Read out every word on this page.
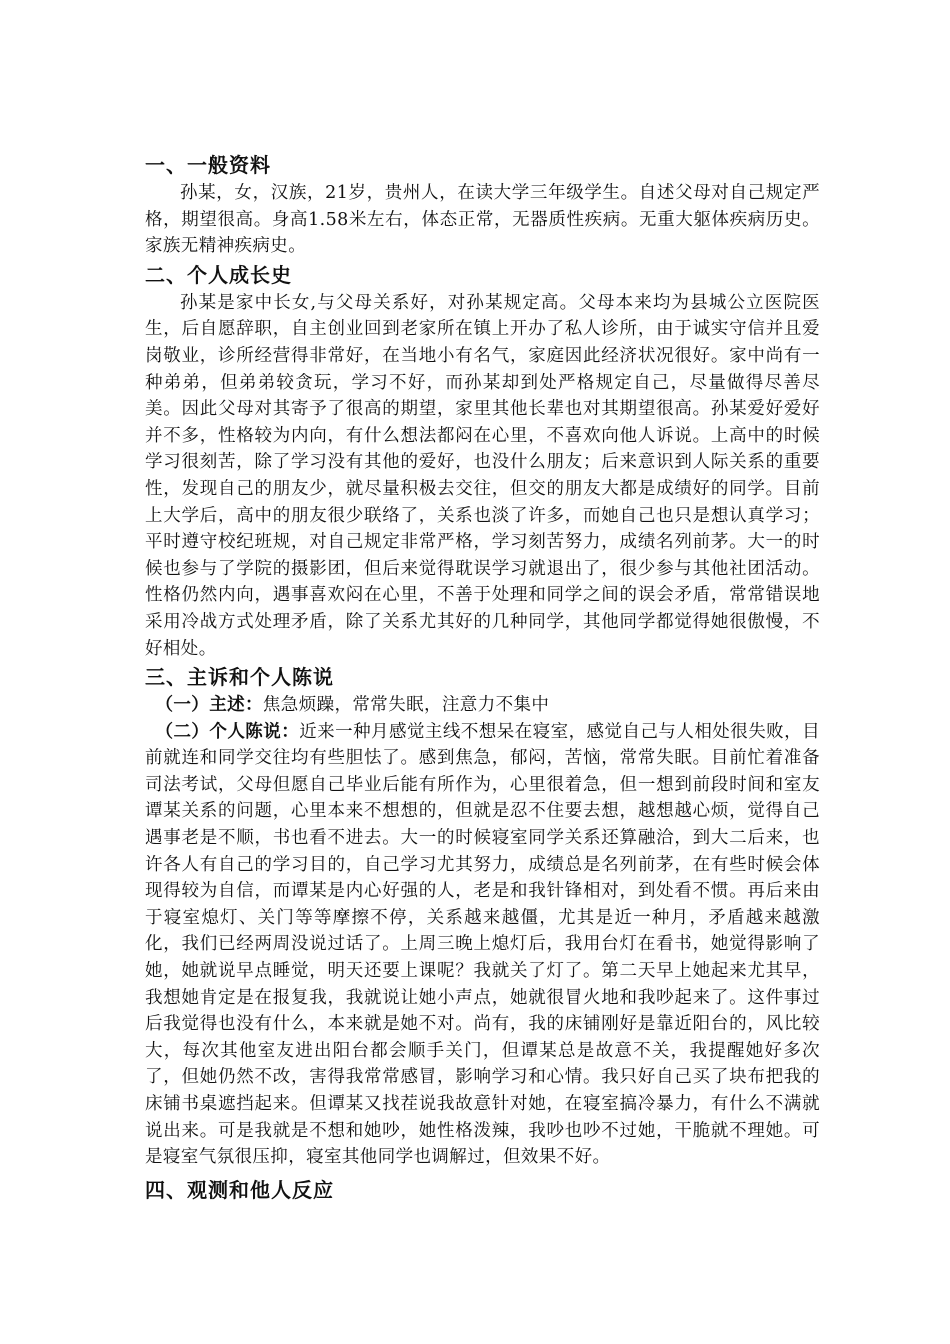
一、一般资料

孙某，女，汉族，21岁，贵州人，在读大学三年级学生。自述父母对自己规定严格，期望很高。身高1.58米左右，体态正常，无器质性疾病。无重大躯体疾病历史。家族无精神疾病史。

二、个人成长史

孙某是家中长女,与父母关系好，对孙某规定高。父母本来均为县城公立医院医生，后自愿辞职，自主创业回到老家所在镇上开办了私人诊所，由于诚实守信并且爱岗敬业，诊所经营得非常好，在当地小有名气，家庭因此经济状况很好。家中尚有一种弟弟，但弟弟较贪玩，学习不好，而孙某却到处严格规定自己，尽量做得尽善尽美。因此父母对其寄予了很高的期望，家里其他长辈也对其期望很高。孙某爱好爱好并不多，性格较为内向，有什么想法都闷在心里，不喜欢向他人诉说。上高中的时候学习很刻苦，除了学习没有其他的爱好，也没什么朋友；后来意识到人际关系的重要性，发现自己的朋友少，就尽量积极去交往，但交的朋友大都是成绩好的同学。目前上大学后，高中的朋友很少联络了，关系也淡了许多，而她自己也只是想认真学习；平时遵守校纪班规，对自己规定非常严格，学习刻苦努力，成绩名列前茅。大一的时候也参与了学院的摄影团，但后来觉得耽误学习就退出了，很少参与其他社团活动。性格仍然内向，遇事喜欢闷在心里，不善于处理和同学之间的误会矛盾，常常错误地采用冷战方式处理矛盾，除了关系尤其好的几种同学，其他同学都觉得她很傲慢，不好相处。

三、主诉和个人陈说

（一）主述：焦急烦躁，常常失眠，注意力不集中

（二）个人陈说：近来一种月感觉主线不想呆在寝室，感觉自己与人相处很失败，目前就连和同学交往均有些胆怯了。感到焦急，郁闷，苦恼，常常失眠。目前忙着准备司法考试，父母但愿自己毕业后能有所作为，心里很着急，但一想到前段时间和室友谭某关系的问题，心里本来不想想的，但就是忍不住要去想，越想越心烦，觉得自己遇事老是不顺，书也看不进去。大一的时候寝室同学关系还算融洽，到大二后来，也许各人有自己的学习目的，自己学习尤其努力，成绩总是名列前茅，在有些时候会体现得较为自信，而谭某是内心好强的人，老是和我针锋相对，到处看不惯。再后来由于寝室熄灯、关门等等摩擦不停，关系越来越僵，尤其是近一种月，矛盾越来越激化，我们已经两周没说过话了。上周三晚上熄灯后，我用台灯在看书，她觉得影响了她，她就说早点睡觉，明天还要上课呢？我就关了灯了。第二天早上她起来尤其早，我想她肯定是在报复我，我就说让她小声点，她就很冒火地和我吵起来了。这件事过后我觉得也没有什么，本来就是她不对。尚有，我的床铺刚好是靠近阳台的，风比较大，每次其他室友进出阳台都会顺手关门，但谭某总是故意不关，我提醒她好多次了，但她仍然不改，害得我常常感冒，影响学习和心情。我只好自己买了块布把我的床铺书桌遮挡起来。但谭某又找茬说我故意针对她，在寝室搞冷暴力，有什么不满就说出来。可是我就是不想和她吵，她性格泼辣，我吵也吵不过她，干脆就不理她。可是寝室气氛很压抑，寝室其他同学也调解过，但效果不好。

四、观测和他人反应
